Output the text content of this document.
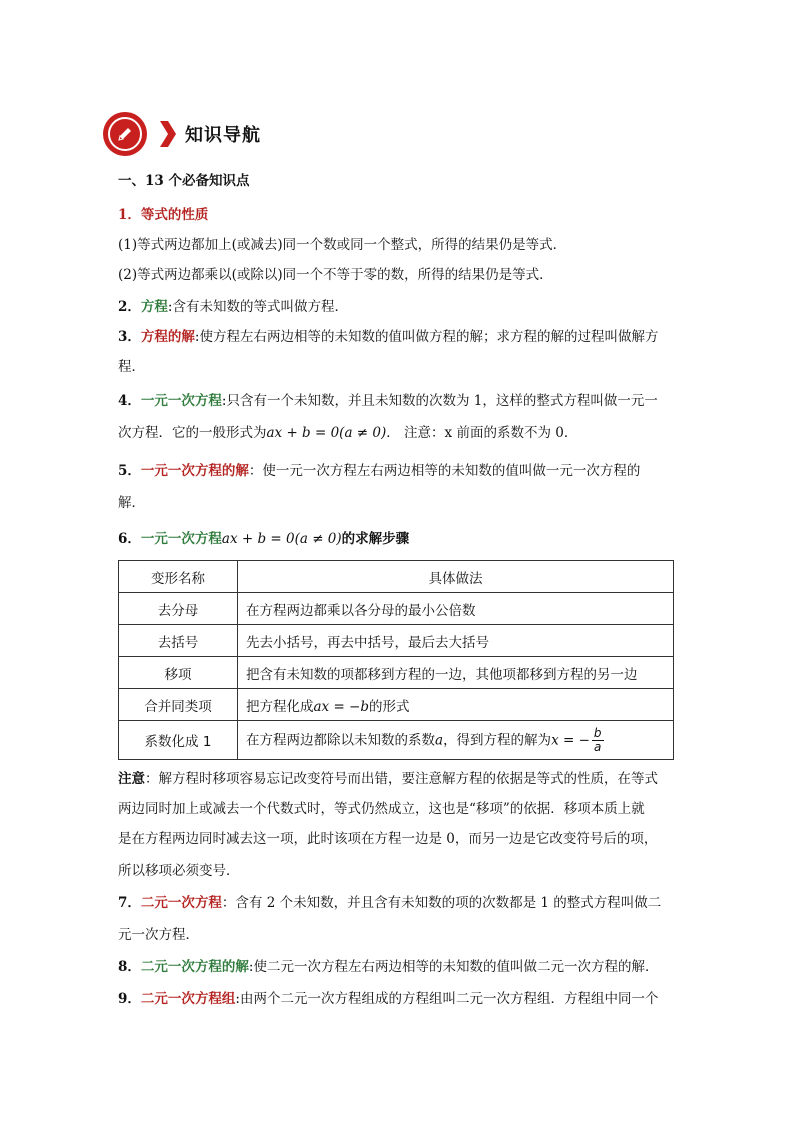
知识导航
一、13 个必备知识点
1．等式的性质
(1)等式两边都加上(或减去)同一个数或同一个整式，所得的结果仍是等式．
(2)等式两边都乘以(或除以)同一个不等于零的数，所得的结果仍是等式．
2．方程:含有未知数的等式叫做方程．
3．方程的解:使方程左右两边相等的未知数的值叫做方程的解；求方程的解的过程叫做解方
程．
4．一元一次方程:只含有一个未知数，并且未知数的次数为 1，这样的整式方程叫做一元一
次方程．它的一般形式为ax + b = 0(a ≠ 0)． 注意：x 前面的系数不为 0．
5．一元一次方程的解：使一元一次方程左右两边相等的未知数的值叫做一元一次方程的
解．
6．一元一次方程ax + b = 0(a ≠ 0)的求解步骤
变形名称	具体做法
去分母	在方程两边都乘以各分母的最小公倍数
去括号	先去小括号，再去中括号，最后去大括号
移项	把含有未知数的项都移到方程的一边，其他项都移到方程的另一边
合并同类项	把方程化成ax = −b的形式
系数化成 1	在方程两边都除以未知数的系数a，得到方程的解为x = − $\frac{b}{a}$
注意：解方程时移项容易忘记改变符号而出错，要注意解方程的依据是等式的性质，在等式
两边同时加上或减去一个代数式时，等式仍然成立，这也是“移项”的依据．移项本质上就
是在方程两边同时减去这一项，此时该项在方程一边是 0，而另一边是它改变符号后的项，
所以移项必须变号．
7．二元一次方程：含有 2 个未知数，并且含有未知数的项的次数都是 1 的整式方程叫做二
元一次方程．
8．二元一次方程的解:使二元一次方程左右两边相等的未知数的值叫做二元一次方程的解．
9．二元一次方程组:由两个二元一次方程组成的方程组叫二元一次方程组．方程组中同一个
